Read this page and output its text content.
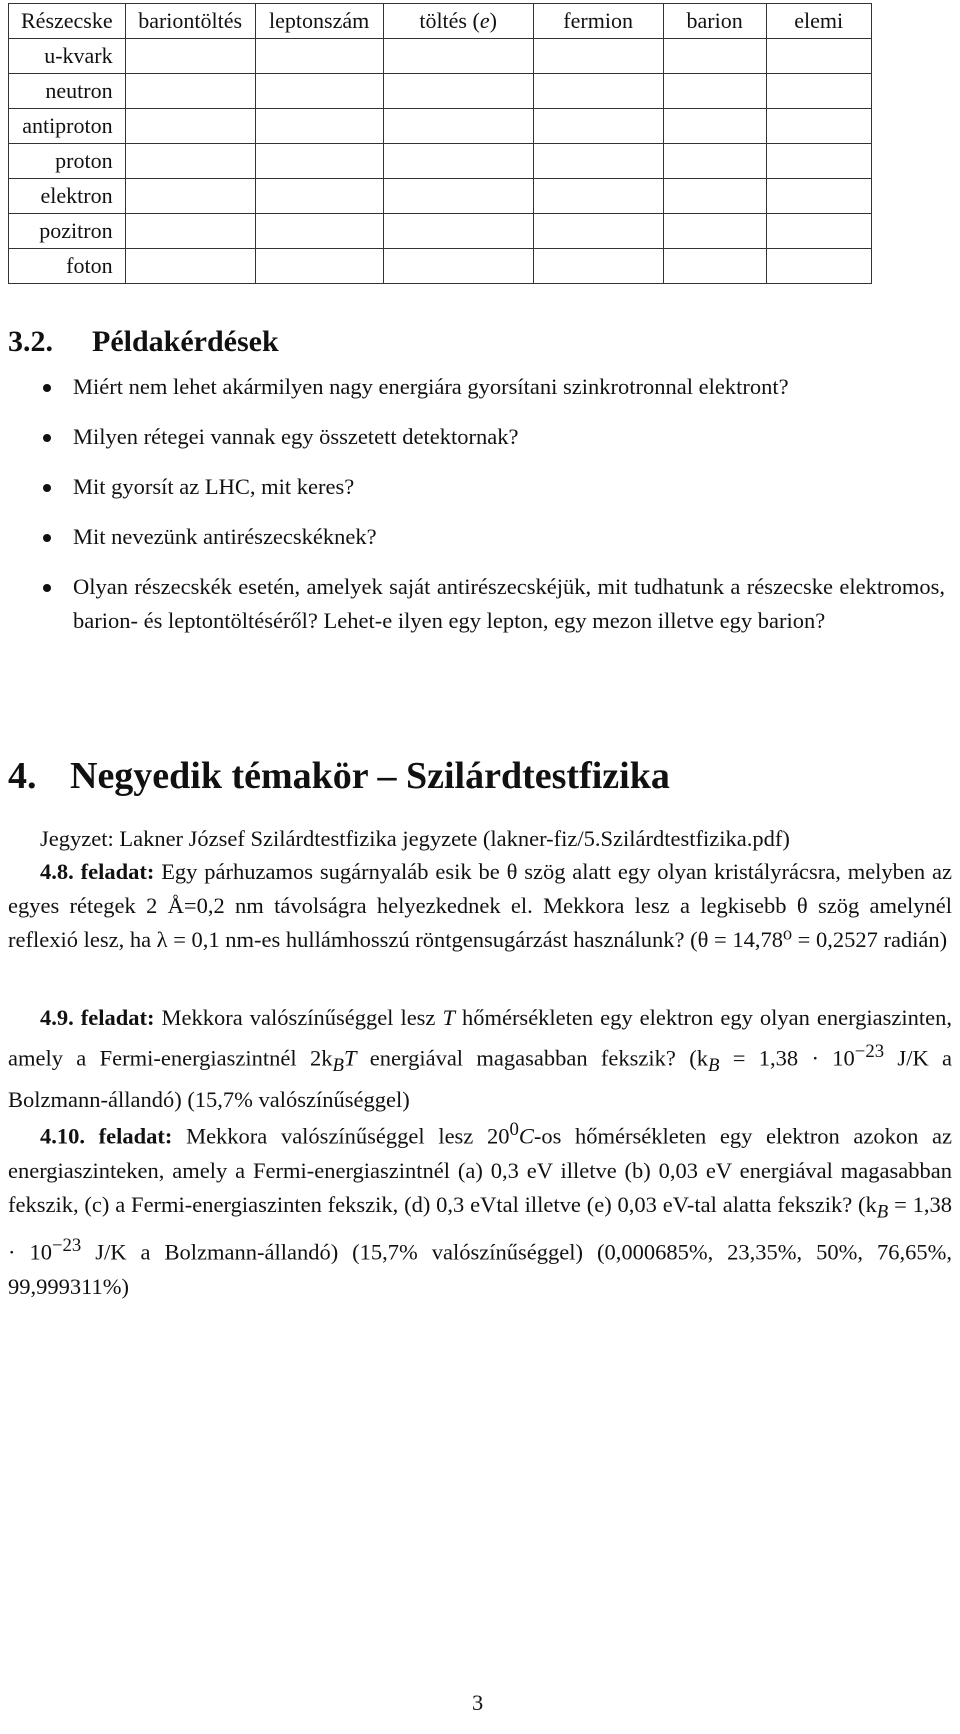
Részecske	bariontöltés	leptonszám	töltés (e)	fermion	barion	elemi
u-kvark						
neutron						
antiproton						
proton						
elektron						
pozitron						
foton						
3.2. Példakérdések
Miért nem lehet akármilyen nagy energiára gyorsítani szinkrotronnal elektront?
Milyen rétegei vannak egy összetett detektornak?
Mit gyorsít az LHC, mit keres?
Mit nevezünk antirészecskéknek?
Olyan részecskék esetén, amelyek saját antirészecskéjük, mit tudhatunk a részecske elektromos, barion- és leptontöltéséről? Lehet-e ilyen egy lepton, egy mezon illetve egy barion?
4. Negyedik témakör – Szilárdtestfizika
Jegyzet: Lakner József Szilárdtestfizika jegyzete (lakner-fiz/5.Szilárdtestfizika.pdf)
4.8. feladat: Egy párhuzamos sugárnyaláb esik be θ szög alatt egy olyan kristályrácsra, melyben az egyes rétegek 2 Å=0,2 nm távolságra helyezkednek el. Mekkora lesz a legkisebb θ szög amelynél reflexió lesz, ha λ = 0,1 nm-es hullámhosszú röntgensugárzást használunk? (θ = 14,78⁰ = 0,2527 radián)
4.9. feladat: Mekkora valószínűséggel lesz T hőmérsékleten egy elektron egy olyan energiaszinten, amely a Fermi-energiaszintnél $2k_BT$ energiával magasabban fekszik? ($k_B = 1,38 \cdot 10^{-23}$ J/K a Bolzmann-állandó) (15,7% valószínűséggel)
4.10. feladat: Mekkora valószínűséggel lesz $20^0C-os$ hőmérsékleten egy elektron azokon az energiaszinteken, amely a Fermi-energiaszintnél (a) 0,3 eV illetve (b) 0,03 eV energiával magasabban fekszik, (c) a Fermi-energiaszinten fekszik, (d) 0,3 eVtal illetve (e) 0,03 eV-tal alatta fekszik? ($k_B = 1,38 \cdot 10^{-23}$ J/K a Bolzmann-állandó) (15,7% valószínűséggel) (0,000685%, 23,35%, 50%, 76,65%, 99,999311%)
3
